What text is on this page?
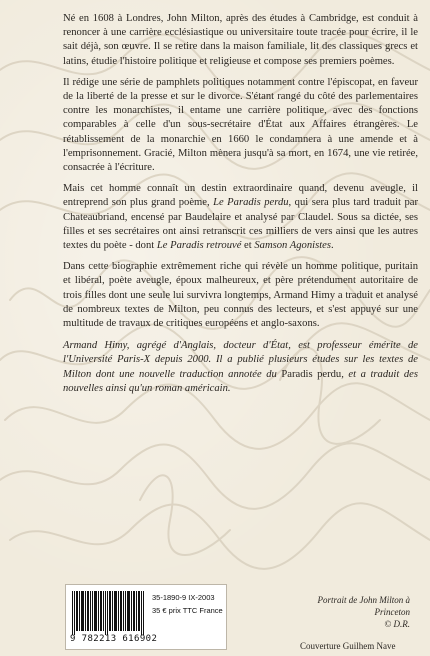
Né en 1608 à Londres, John Milton, après des études à Cambridge, est conduit à renoncer à une carrière ecclésiastique ou universitaire toute tracée pour écrire, il le sait déjà, son œuvre. Il se retire dans la maison familiale, lit des classiques grecs et latins, étudie l'histoire politique et religieuse et compose ses premiers poèmes.

Il rédige une série de pamphlets politiques notamment contre l'épiscopat, en faveur de la liberté de la presse et sur le divorce. S'étant rangé du côté des parlementaires contre les monarchistes, il entame une carrière politique, avec des fonctions comparables à celle d'un sous-secrétaire d'État aux Affaires étrangères. Le rétablissement de la monarchie en 1660 le condamnera à une amende et à l'emprisonnement. Gracié, Milton mènera jusqu'à sa mort, en 1674, une vie retirée, consacrée à l'écriture.

Mais cet homme connaît un destin extraordinaire quand, devenu aveugle, il entreprend son plus grand poème, Le Paradis perdu, qui sera plus tard traduit par Chateaubriand, encensé par Baudelaire et analysé par Claudel. Sous sa dictée, ses filles et ses secrétaires ont ainsi retranscrit ces milliers de vers ainsi que les autres textes du poète - dont Le Paradis retrouvé et Samson Agonistes.

Dans cette biographie extrêmement riche qui révèle un homme politique, puritain et libéral, poète aveugle, époux malheureux, et père prétendument autoritaire de trois filles dont une seule lui survivra longtemps, Armand Himy a traduit et analysé de nombreux textes de Milton, peu connus des lecteurs, et s'est appuyé sur une multitude de travaux de critiques européens et anglo-saxons.

Armand Himy, agrégé d'Anglais, docteur d'État, est professeur émérite de l'Université Paris-X depuis 2000. Il a publié plusieurs études sur les textes de Milton dont une nouvelle traduction annotée du Paradis perdu, et a traduit des nouvelles ainsi qu'un roman américain.

9 782213 616902
35-1890-9 IX-2003
35 € prix TTC France
Portrait de John Milton à Princeton
© D.R.
Couverture Guilhem Nave
